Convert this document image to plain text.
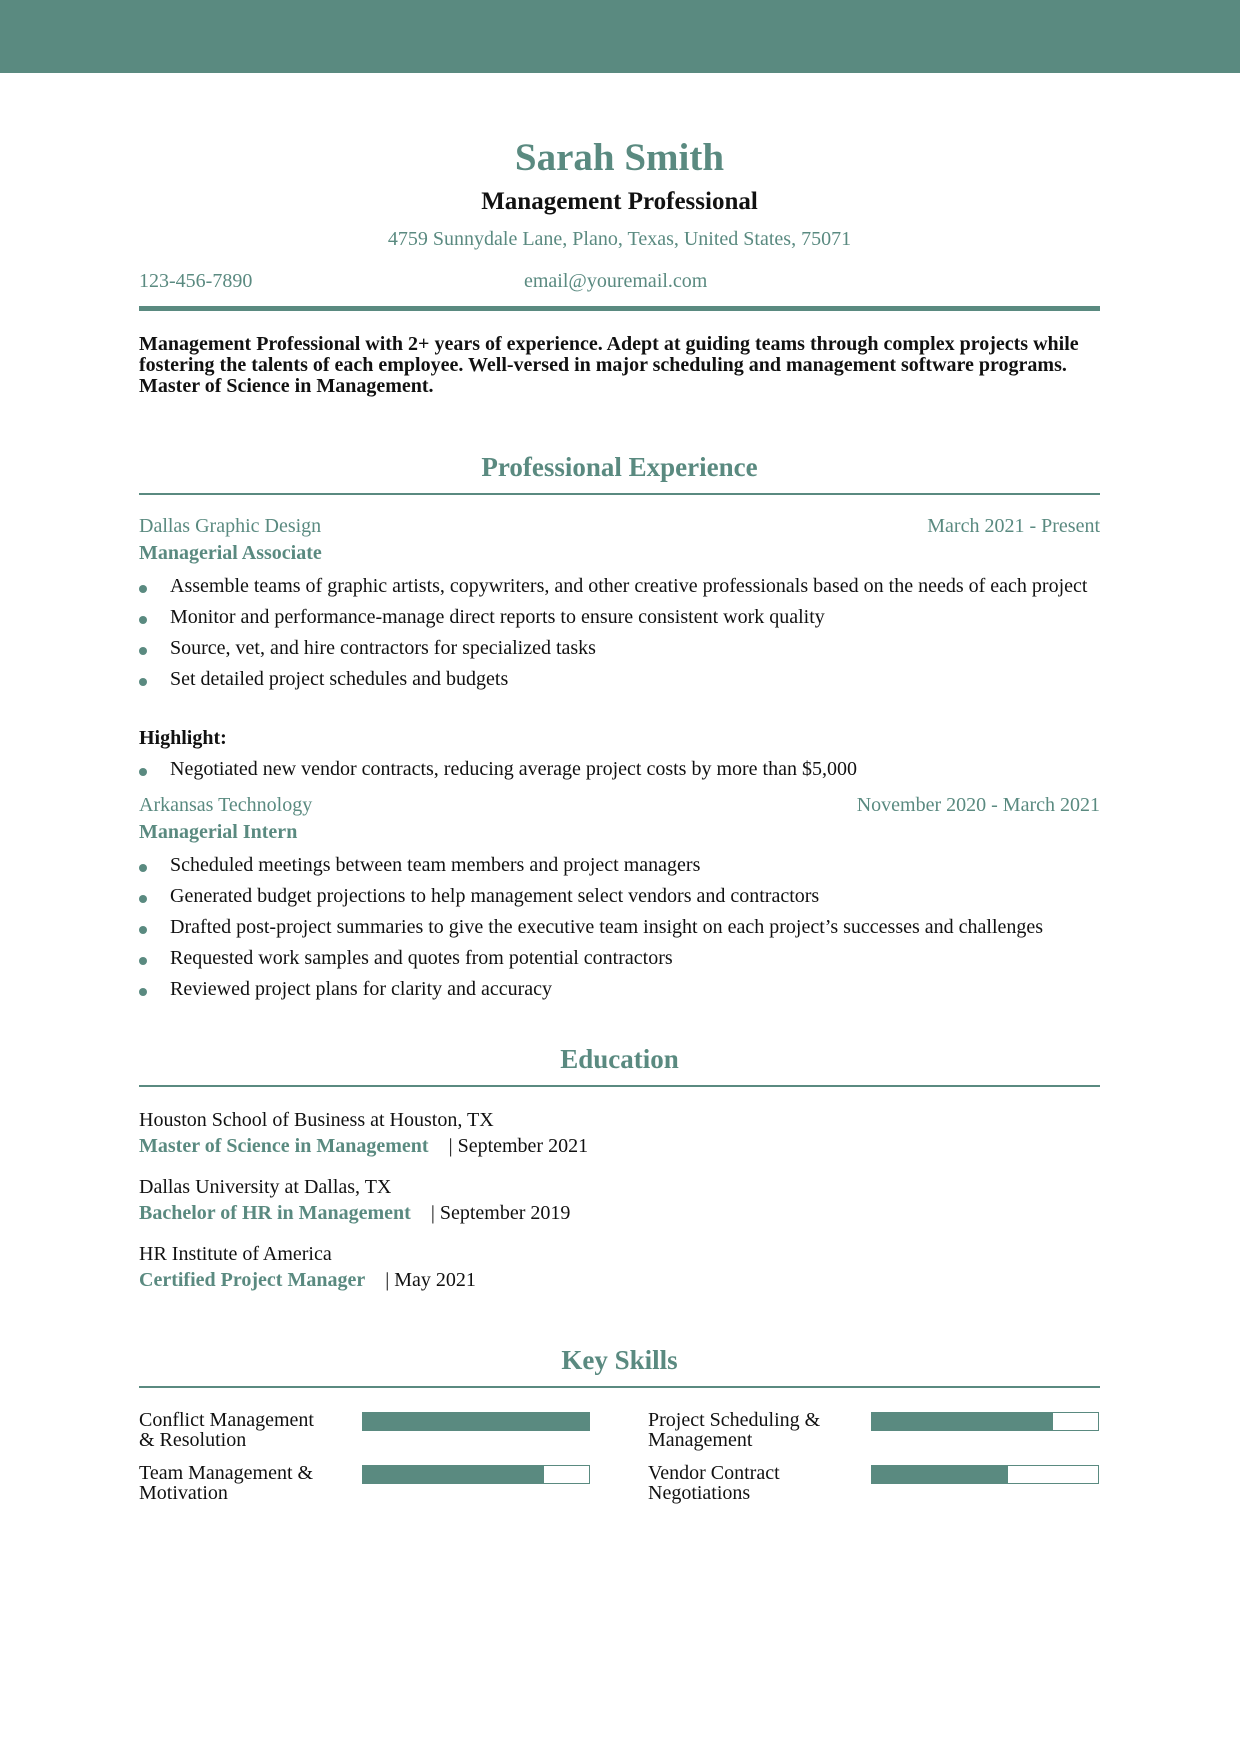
Sarah Smith
Management Professional
4759 Sunnydale Lane, Plano, Texas, United States, 75071
123-456-7890	email@youremail.com
Management Professional with 2+ years of experience. Adept at guiding teams through complex projects while fostering the talents of each employee. Well-versed in major scheduling and management software programs. Master of Science in Management.
Professional Experience
Dallas Graphic Design	March 2021 - Present
Managerial Associate
Assemble teams of graphic artists, copywriters, and other creative professionals based on the needs of each project
Monitor and performance-manage direct reports to ensure consistent work quality
Source, vet, and hire contractors for specialized tasks
Set detailed project schedules and budgets
Highlight:
Negotiated new vendor contracts, reducing average project costs by more than $5,000
Arkansas Technology	November 2020 - March 2021
Managerial Intern
Scheduled meetings between team members and project managers
Generated budget projections to help management select vendors and contractors
Drafted post-project summaries to give the executive team insight on each project’s successes and challenges
Requested work samples and quotes from potential contractors
Reviewed project plans for clarity and accuracy
Education
Houston School of Business at Houston, TX
Master of Science in Management | September 2021
Dallas University at Dallas, TX
Bachelor of HR in Management | September 2019
HR Institute of America
Certified Project Manager | May 2021
Key Skills
Conflict Management
& Resolution
Project Scheduling &
Management
Team Management &
Motivation
Vendor Contract
Negotiations
